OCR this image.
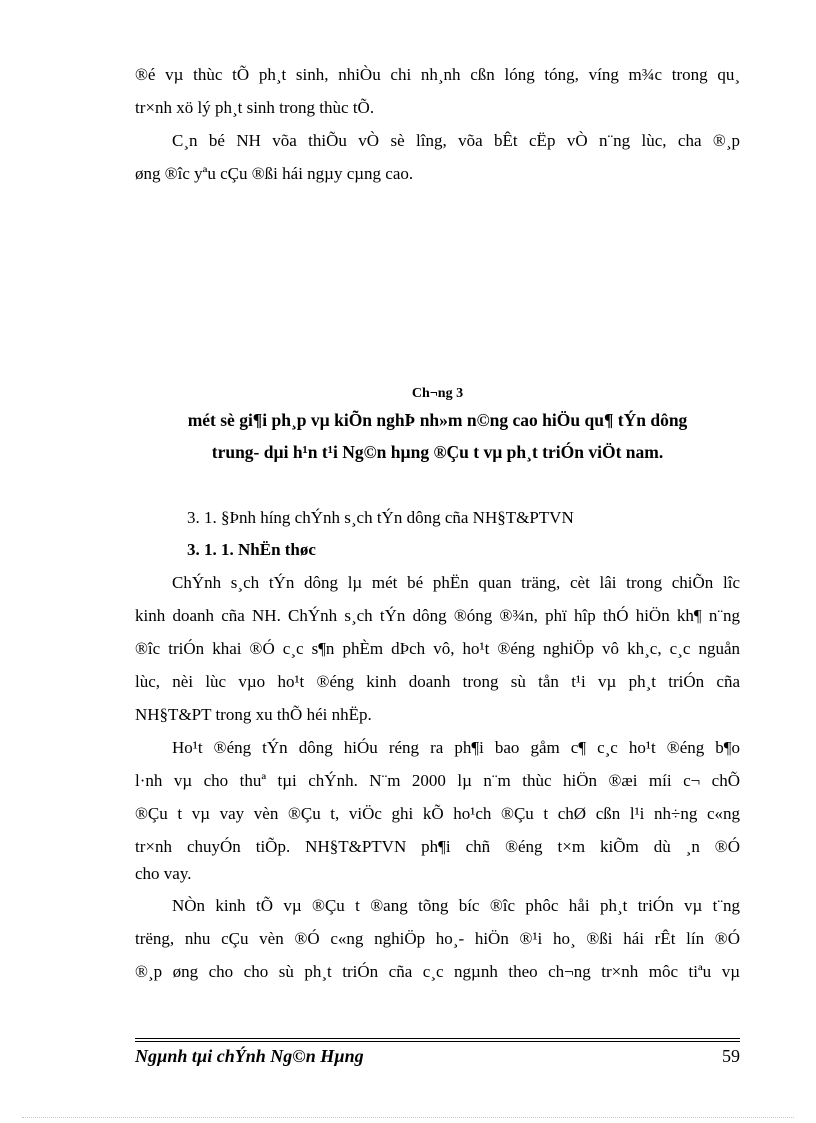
®é vµ thùc tÕ ph¸t sinh, nhiÒu chi nh¸nh cßn lóng tóng, víng m¾c trong qu¸
tr×nh xö lý ph¸t sinh trong thùc tÕ.
C¸n bé NH võa thiÕu vÒ sè lîng, võa bÊt cËp vÒ n¨ng lùc, cha ®¸p
øng ®îc yªu cÇu ®ßi hái ngµy cµng cao.
Ch¬ng 3
mét sè gi¶i ph¸p vµ kiÕn nghÞ nh»m n©ng cao hiÖu qu¶ tÝn dông
trung- dµi h¹n t¹i Ng©n hµng ®Çu t vµ ph¸t triÓn viÖt nam.
3. 1. §Þnh híng chÝnh s¸ch tÝn dông cña NH§T&PTVN
3. 1. 1. NhËn thøc
ChÝnh s¸ch tÝn dông lµ mét bé phËn quan träng, cèt lâi trong chiÕn lîc
kinh doanh cña NH. ChÝnh s¸ch tÝn dông ®óng ®¾n, phï hîp thÓ hiÖn kh¶ n¨ng
®îc triÓn khai ®Ó c¸c s¶n phÈm dÞch vô, ho¹t ®éng nghiÖp vô kh¸c, c¸c nguån
lùc, nèi lùc vµo ho¹t ®éng kinh doanh trong sù tån t¹i vµ ph¸t triÓn cña
NH§T&PT trong xu thÕ héi nhËp.
Ho¹t ®éng tÝn dông hiÓu réng ra ph¶i bao gåm c¶ c¸c ho¹t ®éng b¶o
l·nh vµ cho thuª tµi chÝnh. N¨m 2000 lµ n¨m thùc hiÖn ®æi míi c¬ chÕ
®Çu t vµ vay vèn ®Çu t, viÖc ghi kÕ ho¹ch ®Çu t chØ cßn l¹i nh÷ng c«ng
tr×nh chuyÓn tiÕp. NH§T&PTVN ph¶i chñ ®éng t×m kiÕm dù ¸n ®Ó
cho vay.
NÒn kinh tÕ vµ ®Çu t ®ang tõng bíc ®îc phôc håi ph¸t triÓn vµ t¨ng
trëng, nhu cÇu vèn ®Ó c«ng nghiÖp ho¸- hiÖn ®¹i ho¸ ®ßi hái rÊt lín ®Ó
®¸p øng cho cho sù ph¸t triÓn cña c¸c ngµnh theo ch¬ng tr×nh môc tiªu vµ
Ngµnh tµi chÝnh Ng©n Hµng	59
